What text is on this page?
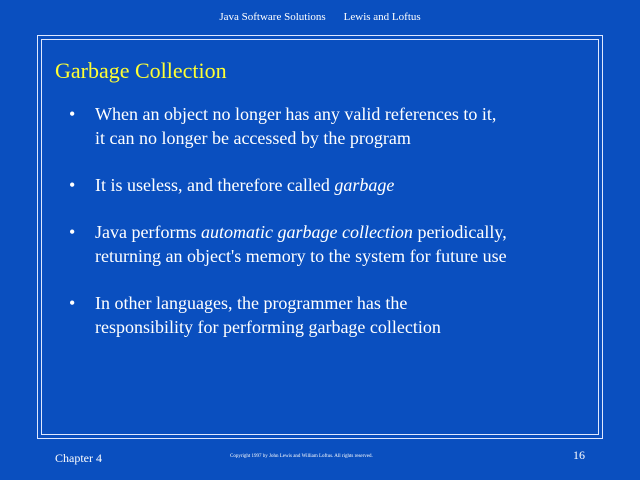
Java Software Solutions Lewis and Loftus
Garbage Collection
• When an object no longer has any valid references to it,
it can no longer be accessed by the program
• It is useless, and therefore called garbage
• Java performs automatic garbage collection periodically,
returning an object's memory to the system for future use
• In other languages, the programmer has the
responsibility for performing garbage collection
Chapter 4	Copyright 1997 by John Lewis and William Loftus. All rights reserved.	16
